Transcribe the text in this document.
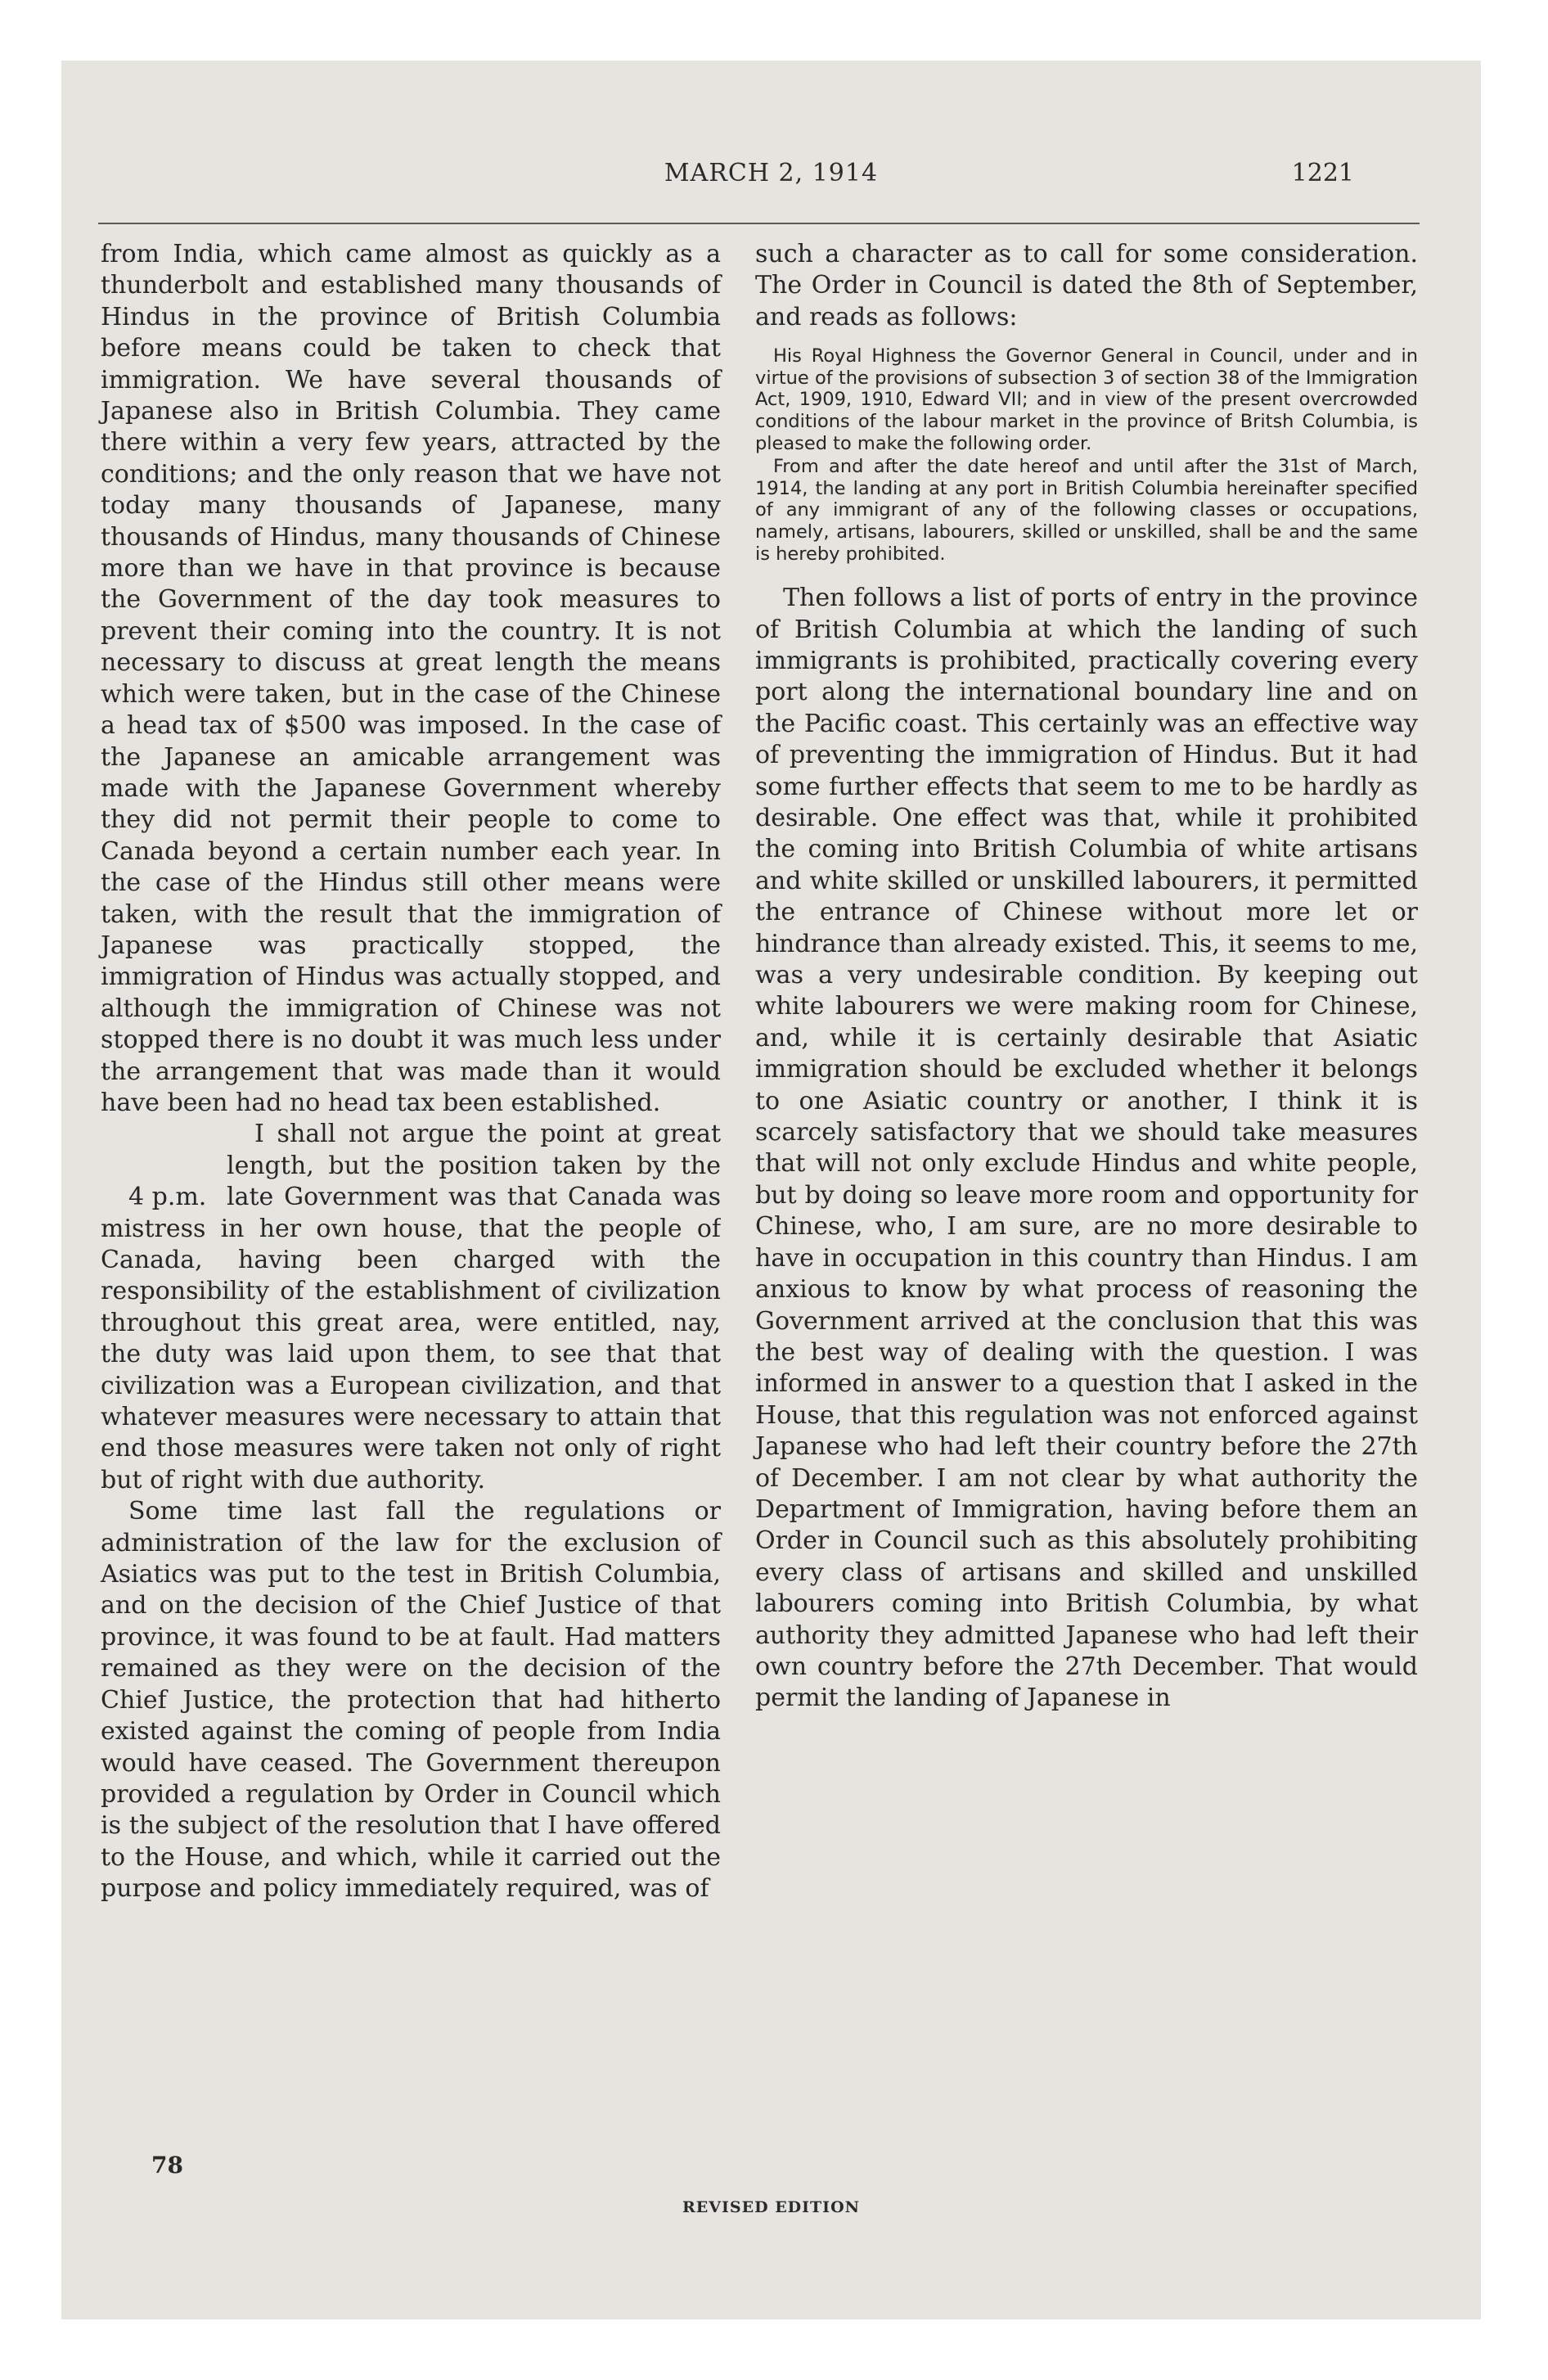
MARCH 2, 1914	1221

from India, which came almost as quickly as a thunderbolt and established many thousands of Hindus in the province of British Columbia before means could be taken to check that immigration. We have several thousands of Japanese also in British Columbia. They came there within a very few years, attracted by the conditions; and the only reason that we have not today many thousands of Japanese, many thousands of Hindus, many thousands of Chinese more than we have in that province is because the Government of the day took measures to prevent their coming into the country. It is not necessary to discuss at great length the means which were taken, but in the case of the Chinese a head tax of $500 was imposed. In the case of the Japanese an amicable arrangement was made with the Japanese Government whereby they did not permit their people to come to Canada beyond a certain number each year. In the case of the Hindus still other means were taken, with the result that the immigration of Japanese was practically stopped, the immigration of Hindus was actually stopped, and although the immigration of Chinese was not stopped there is no doubt it was much less under the arrangement that was made than it would have been had no head tax been established.

4 p.m.

I shall not argue the point at great length, but the position taken by the late Government was that Canada was mistress in her own house, that the people of Canada, having been charged with the responsibility of the establishment of civilization throughout this great area, were entitled, nay, the duty was laid upon them, to see that that civilization was a European civilization, and that whatever measures were necessary to attain that end those measures were taken not only of right but of right with due authority.

Some time last fall the regulations or administration of the law for the exclusion of Asiatics was put to the test in British Columbia, and on the decision of the Chief Justice of that province, it was found to be at fault. Had matters remained as they were on the decision of the Chief Justice, the protection that had hitherto existed against the coming of people from India would have ceased. The Government thereupon provided a regulation by Order in Council which is the subject of the resolution that I have offered to the House, and which, while it carried out the purpose and policy immediately required, was of

such a character as to call for some consideration. The Order in Council is dated the 8th of September, and reads as follows:

His Royal Highness the Governor General in Council, under and in virtue of the provisions of subsection 3 of section 38 of the Immigration Act, 1909, 1910, Edward VII; and in view of the present overcrowded conditions of the labour market in the province of Britsh Columbia, is pleased to make the following order.

From and after the date hereof and until after the 31st of March, 1914, the landing at any port in British Columbia hereinafter specified of any immigrant of any of the following classes or occupations, namely, artisans, labourers, skilled or unskilled, shall be and the same is hereby prohibited.

Then follows a list of ports of entry in the province of British Columbia at which the landing of such immigrants is prohibited, practically covering every port along the international boundary line and on the Pacific coast. This certainly was an effective way of preventing the immigration of Hindus. But it had some further effects that seem to me to be hardly as desirable. One effect was that, while it prohibited the coming into British Columbia of white artisans and white skilled or unskilled labourers, it permitted the entrance of Chinese without more let or hindrance than already existed. This, it seems to me, was a very undesirable condition. By keeping out white labourers we were making room for Chinese, and, while it is certainly desirable that Asiatic immigration should be excluded whether it belongs to one Asiatic country or another, I think it is scarcely satisfactory that we should take measures that will not only exclude Hindus and white people, but by doing so leave more room and opportunity for Chinese, who, I am sure, are no more desirable to have in occupation in this country than Hindus. I am anxious to know by what process of reasoning the Government arrived at the conclusion that this was the best way of dealing with the question. I was informed in answer to a question that I asked in the House, that this regulation was not enforced against Japanese who had left their country before the 27th of December. I am not clear by what authority the Department of Immigration, having before them an Order in Council such as this absolutely prohibiting every class of artisans and skilled and unskilled labourers coming into British Columbia, by what authority they admitted Japanese who had left their own country before the 27th December. That would permit the landing of Japanese in

78
REVISED EDITION
